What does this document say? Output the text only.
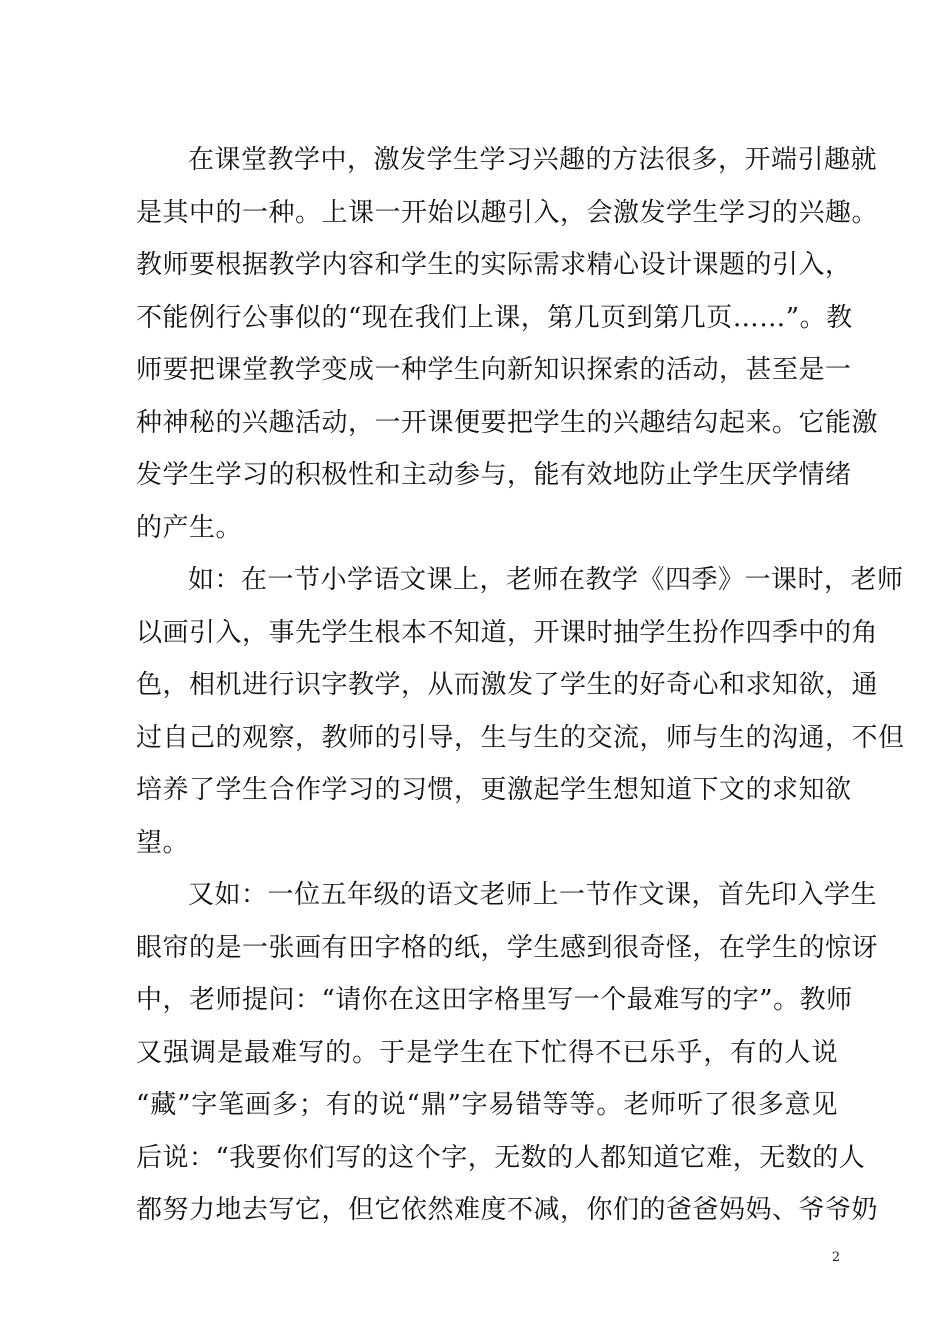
在课堂教学中，激发学生学习兴趣的方法很多，开端引趣就
是其中的一种。上课一开始以趣引入，会激发学生学习的兴趣。
教师要根据教学内容和学生的实际需求精心设计课题的引入，
不能例行公事似的“现在我们上课，第几页到第几页……”。教
师要把课堂教学变成一种学生向新知识探索的活动，甚至是一
种神秘的兴趣活动，一开课便要把学生的兴趣结勾起来。它能激
发学生学习的积极性和主动参与，能有效地防止学生厌学情绪
的产生。
如：在一节小学语文课上，老师在教学《四季》一课时，老师
以画引入，事先学生根本不知道，开课时抽学生扮作四季中的角
色，相机进行识字教学，从而激发了学生的好奇心和求知欲，通
过自己的观察，教师的引导，生与生的交流，师与生的沟通，不但
培养了学生合作学习的习惯，更激起学生想知道下文的求知欲
望。
又如：一位五年级的语文老师上一节作文课，首先印入学生
眼帘的是一张画有田字格的纸，学生感到很奇怪，在学生的惊讶
中，老师提问：“请你在这田字格里写一个最难写的字”。教师
又强调是最难写的。于是学生在下忙得不已乐乎，有的人说
“藏”字笔画多；有的说“鼎”字易错等等。老师听了很多意见
后说：“我要你们写的这个字，无数的人都知道它难，无数的人
都努力地去写它，但它依然难度不减，你们的爸爸妈妈、爷爷奶
2
